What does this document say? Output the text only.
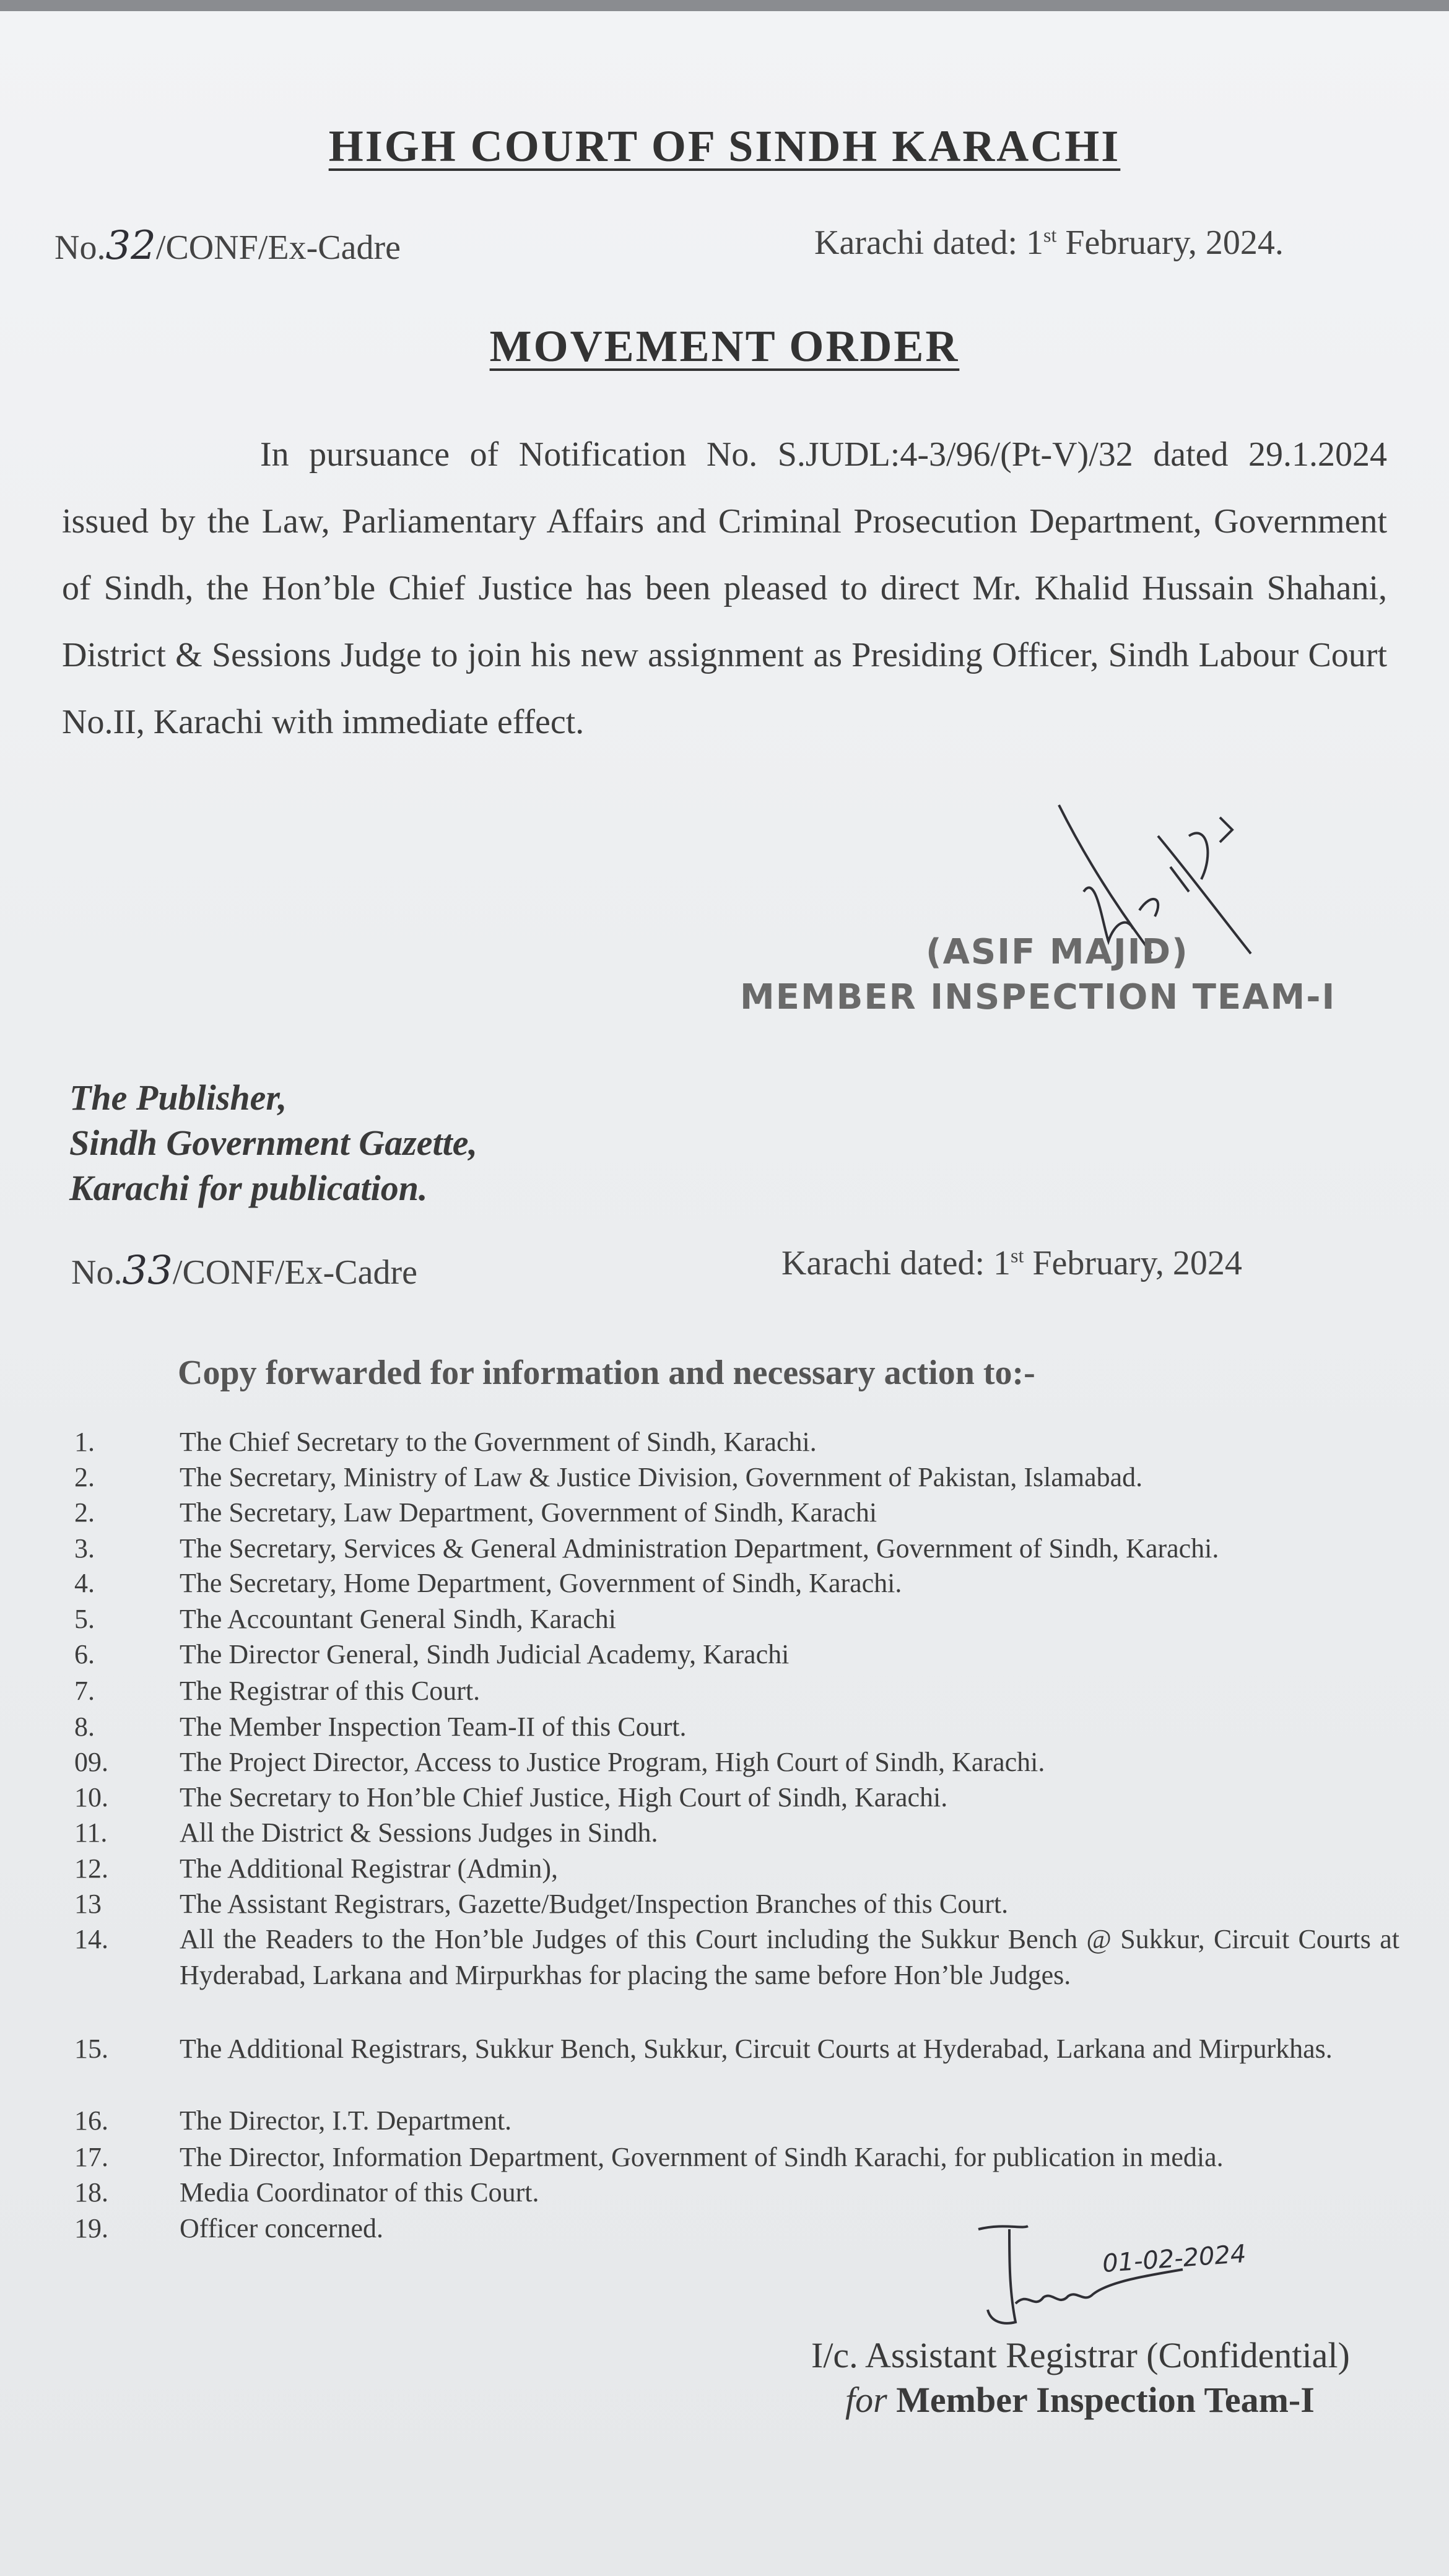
HIGH COURT OF SINDH KARACHI
No.32/CONF/Ex-Cadre	Karachi dated: 1st February, 2024.
MOVEMENT ORDER

In pursuance of Notification No. S.JUDL:4-3/96/(Pt-V)/32 dated 29.1.2024 issued by the Law, Parliamentary Affairs and Criminal Prosecution Department, Government of Sindh, the Hon’ble Chief Justice has been pleased to direct Mr. Khalid Hussain Shahani, District & Sessions Judge to join his new assignment as Presiding Officer, Sindh Labour Court No.II, Karachi with immediate effect.

(ASIF MAJID)
MEMBER INSPECTION TEAM-I
The Publisher,
Sindh Government Gazette,
Karachi for publication.
No.33/CONF/Ex-Cadre	Karachi dated: 1st February, 2024
Copy forwarded for information and necessary action to:-
1.	The Chief Secretary to the Government of Sindh, Karachi.
2.	The Secretary, Ministry of Law & Justice Division, Government of Pakistan, Islamabad.
2.	The Secretary, Law Department, Government of Sindh, Karachi
3.	The Secretary, Services & General Administration Department, Government of Sindh, Karachi.
4.	The Secretary, Home Department, Government of Sindh, Karachi.
5.	The Accountant General Sindh, Karachi
6.	The Director General, Sindh Judicial Academy, Karachi
7.	The Registrar of this Court.
8.	The Member Inspection Team-II of this Court.
09.	The Project Director, Access to Justice Program, High Court of Sindh, Karachi.
10.	The Secretary to Hon’ble Chief Justice, High Court of Sindh, Karachi.
11.	All the District & Sessions Judges in Sindh.
12.	The Additional Registrar (Admin),
13	The Assistant Registrars, Gazette/Budget/Inspection Branches of this Court.
14.	All the Readers to the Hon’ble Judges of this Court including the Sukkur Bench @ Sukkur, Circuit Courts at Hyderabad, Larkana and Mirpurkhas for placing the same before Hon’ble Judges.
15.	The Additional Registrars, Sukkur Bench, Sukkur, Circuit Courts at Hyderabad, Larkana and Mirpurkhas.
16.	The Director, I.T. Department.
17.	The Director, Information Department, Government of Sindh Karachi, for publication in media.
18.	Media Coordinator of this Court.
19.	Officer concerned.
01-02-2024
I/c. Assistant Registrar (Confidential)
for Member Inspection Team-I
